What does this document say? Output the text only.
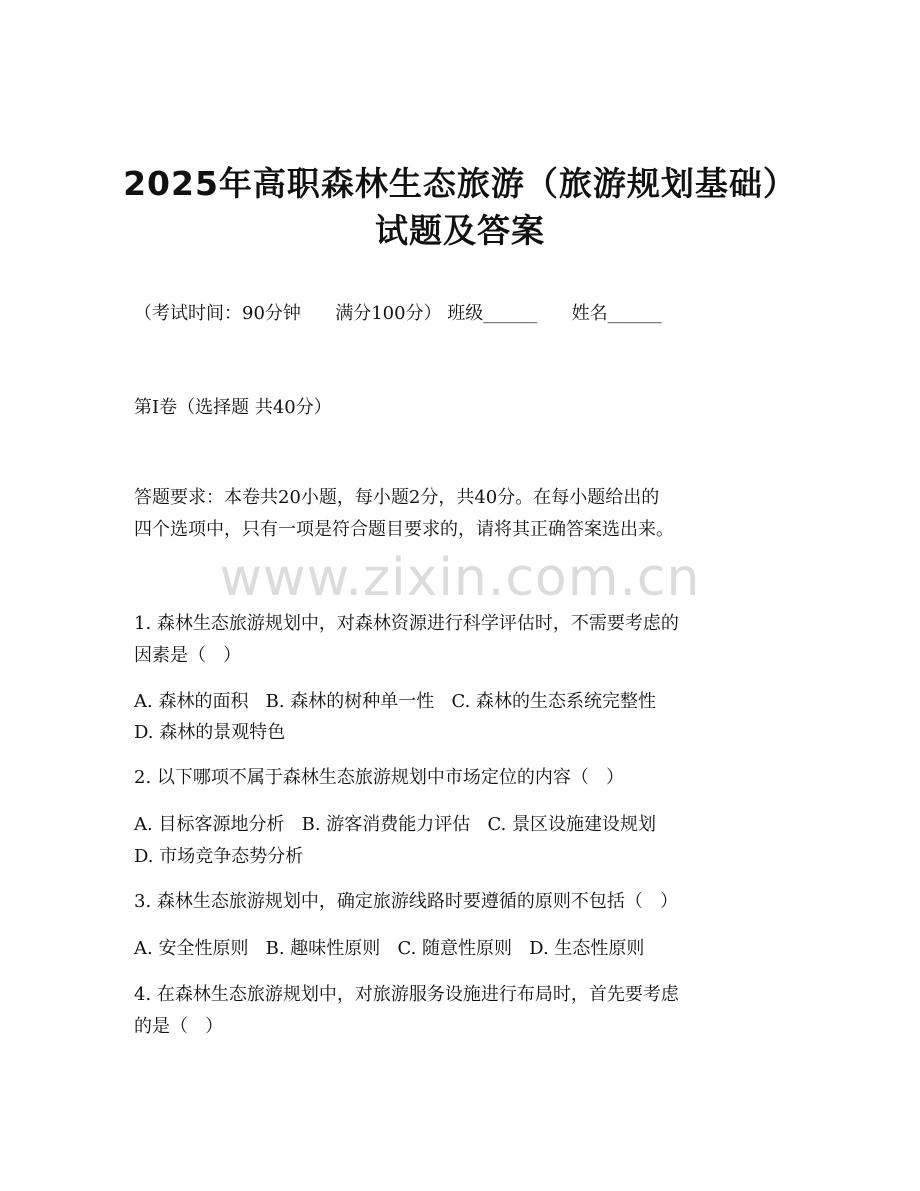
2025年高职森林生态旅游（旅游规划基础）
试题及答案
（考试时间：90分钟      满分100分） 班级______      姓名______
第I卷（选择题 共40分）
答题要求：本卷共20小题，每小题2分，共40分。在每小题给出的
四个选项中，只有一项是符合题目要求的，请将其正确答案选出来。
www.zixin.com.cn
1. 森林生态旅游规划中，对森林资源进行科学评估时，不需要考虑的
因素是（   ）
A. 森林的面积   B. 森林的树种单一性   C. 森林的生态系统完整性
D. 森林的景观特色
2. 以下哪项不属于森林生态旅游规划中市场定位的内容（   ）
A. 目标客源地分析   B. 游客消费能力评估   C. 景区设施建设规划
D. 市场竞争态势分析
3. 森林生态旅游规划中，确定旅游线路时要遵循的原则不包括（   ）
A. 安全性原则   B. 趣味性原则   C. 随意性原则   D. 生态性原则
4. 在森林生态旅游规划中，对旅游服务设施进行布局时，首先要考虑
的是（   ）
